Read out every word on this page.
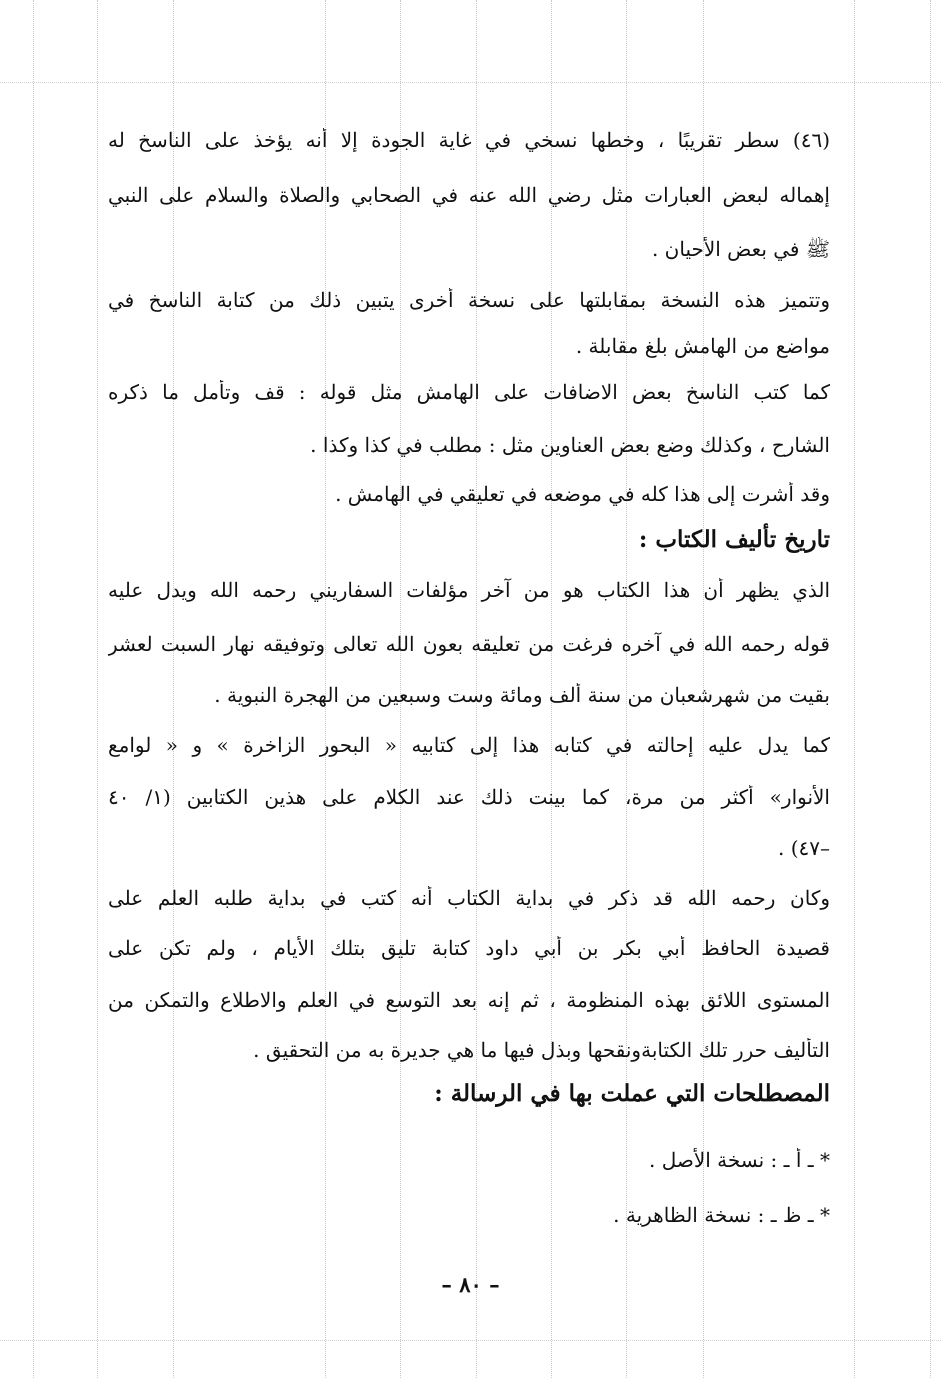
(٤٦) سطر تقريبًا ، وخطها نسخي في غاية الجودة إلا أنه يؤخذ على الناسخ له
إهماله لبعض العبارات مثل رضي الله عنه في الصحابي والصلاة والسلام على النبي
ﷺ في بعض الأحيان .
وتتميز هذه النسخة بمقابلتها على نسخة أخرى يتبين ذلك من كتابة الناسخ في
مواضع من الهامش بلغ مقابلة .
كما كتب الناسخ بعض الاضافات على الهامش مثل قوله : قف وتأمل ما ذكره
الشارح ، وكذلك وضع بعض العناوين مثل : مطلب في كذا وكذا .
وقد أشرت إلى هذا كله في موضعه في تعليقي في الهامش .
تاريخ تأليف الكتاب :
الذي يظهر أن هذا الكتاب هو من آخر مؤلفات السفاريني رحمه الله ويدل عليه
قوله رحمه الله في آخره فرغت من تعليقه بعون الله تعالى وتوفيقه نهار السبت لعشر
بقيت من شهرشعبان من سنة ألف ومائة وست وسبعين من الهجرة النبوية .
كما يدل عليه إحالته في كتابه هذا إلى كتابيه « البحور الزاخرة » و « لوامع
الأنوار» أكثر من مرة، كما بينت ذلك عند الكلام على هذين الكتابين (١/ ٤٠
–٤٧) .
وكان رحمه الله قد ذكر في بداية الكتاب أنه كتب في بداية طلبه العلم على
قصيدة الحافظ أبي بكر بن أبي داود كتابة تليق بتلك الأيام ، ولم تكن على
المستوى اللائق بهذه المنظومة ، ثم إنه بعد التوسع في العلم والاطلاع والتمكن من
التأليف حرر تلك الكتابةونقحها وبذل فيها ما هي جديرة به من التحقيق .
المصطلحات التي عملت بها في الرسالة :
* ـ أ ـ : نسخة الأصل .
* ـ ظ ـ : نسخة الظاهرية .
– ٨٠ –
